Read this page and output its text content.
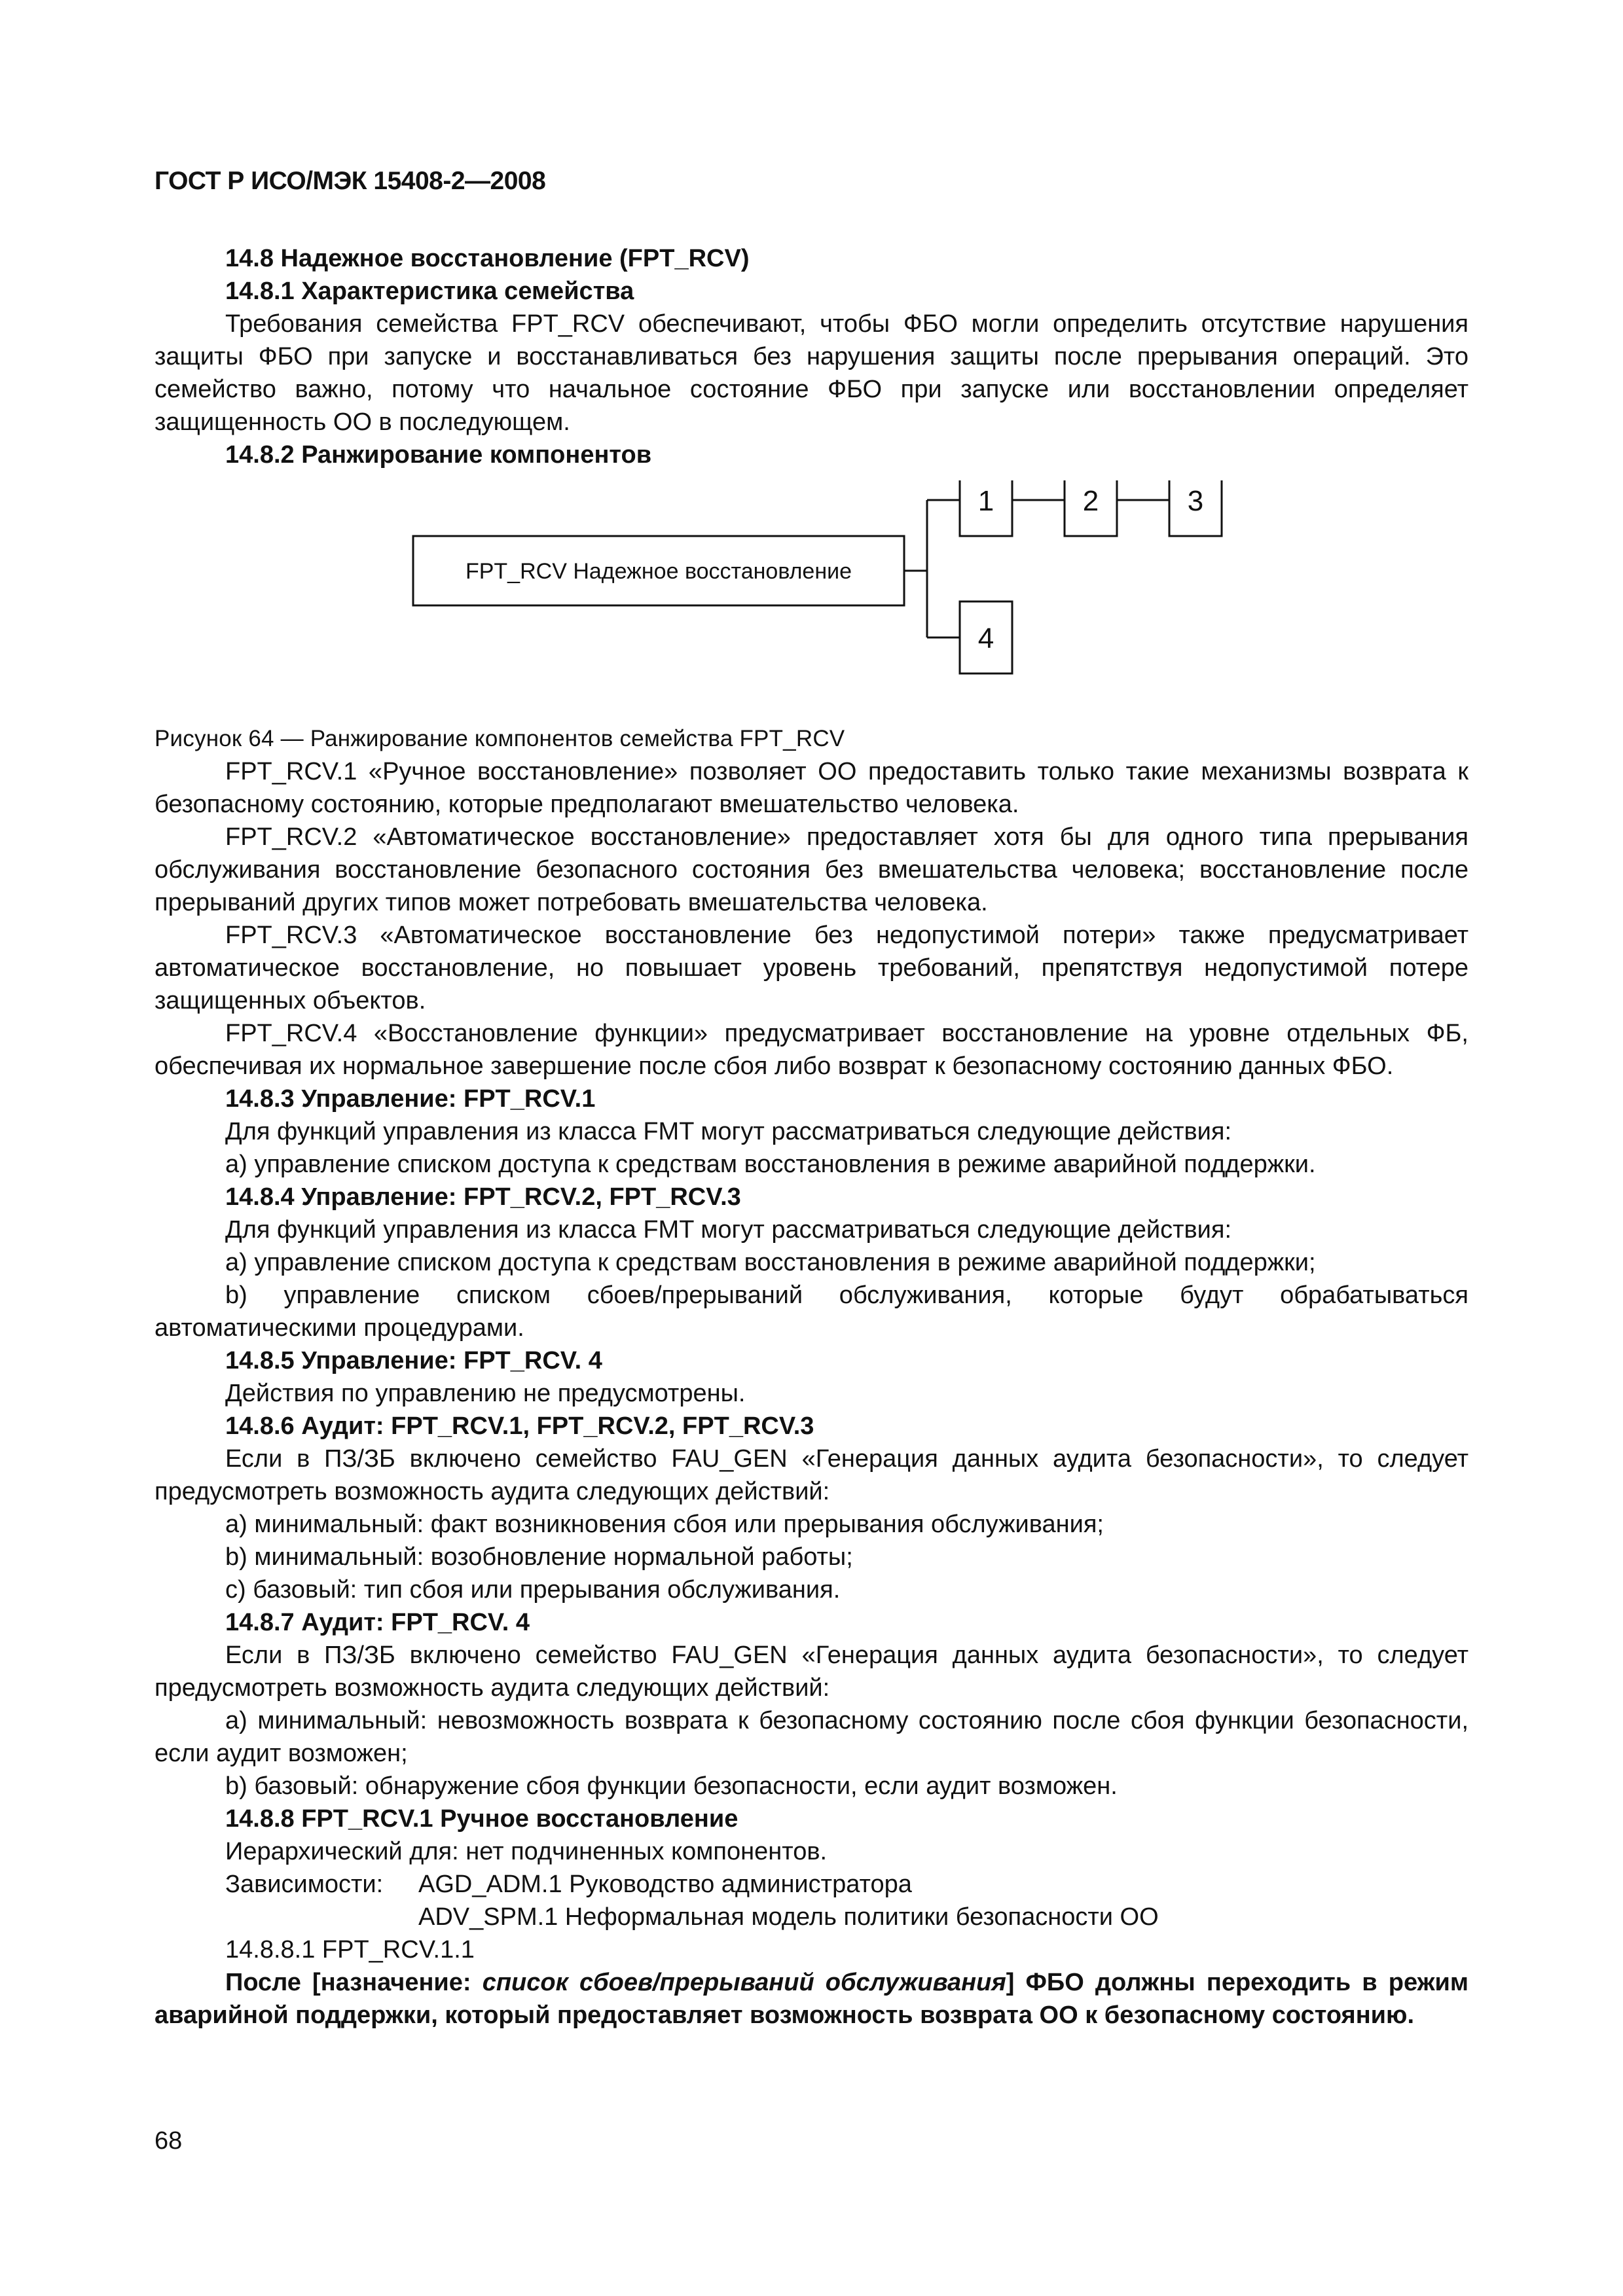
ГОСТ Р ИСО/МЭК 15408-2—2008

14.8 Надежное восстановление (FPT_RCV)

14.8.1 Характеристика семейства

Требования семейства FPT_RCV обеспечивают, чтобы ФБО могли определить отсутствие нарушения защиты ФБО при запуске и восстанавливаться без нарушения защиты после прерывания операций. Это семейство важно, потому что начальное состояние ФБО при запуске или восстановлении определяет защищенность ОО в последующем.

14.8.2 Ранжирование компонентов

FPT_RCV Надежное восстановление
1	2	3
4

Рисунок 64 — Ранжирование компонентов семейства FPT_RCV

FPT_RCV.1 «Ручное восстановление» позволяет ОО предоставить только такие механизмы возврата к безопасному состоянию, которые предполагают вмешательство человека.

FPT_RCV.2 «Автоматическое восстановление» предоставляет хотя бы для одного типа прерывания обслуживания восстановление безопасного состояния без вмешательства человека; восстановление после прерываний других типов может потребовать вмешательства человека.

FPT_RCV.3 «Автоматическое восстановление без недопустимой потери» также предусматривает автоматическое восстановление, но повышает уровень требований, препятствуя недопустимой потере защищенных объектов.

FPT_RCV.4 «Восстановление функции» предусматривает восстановление на уровне отдельных ФБ, обеспечивая их нормальное завершение после сбоя либо возврат к безопасному состоянию данных ФБО.

14.8.3 Управление: FPT_RCV.1

Для функций управления из класса FMT могут рассматриваться следующие действия:

а) управление списком доступа к средствам восстановления в режиме аварийной поддержки.

14.8.4 Управление: FPT_RCV.2, FPT_RCV.3

Для функций управления из класса FMT могут рассматриваться следующие действия:

а) управление списком доступа к средствам восстановления в режиме аварийной поддержки;

b) управление списком сбоев/прерываний обслуживания, которые будут обрабатываться автоматическими процедурами.

14.8.5 Управление: FPT_RCV. 4

Действия по управлению не предусмотрены.

14.8.6 Аудит: FPT_RCV.1, FPT_RCV.2, FPT_RCV.3

Если в ПЗ/ЗБ включено семейство FAU_GEN «Генерация данных аудита безопасности», то следует предусмотреть возможность аудита следующих действий:

а) минимальный: факт возникновения сбоя или прерывания обслуживания;

b) минимальный: возобновление нормальной работы;

с) базовый: тип сбоя или прерывания обслуживания.

14.8.7 Аудит: FPT_RCV. 4

Если в ПЗ/ЗБ включено семейство FAU_GEN «Генерация данных аудита безопасности», то следует предусмотреть возможность аудита следующих действий:

а) минимальный: невозможность возврата к безопасному состоянию после сбоя функции безопасности, если аудит возможен;

b) базовый: обнаружение сбоя функции безопасности, если аудит возможен.

14.8.8 FPT_RCV.1 Ручное восстановление

Иерархический для: нет подчиненных компонентов.

Зависимости:	AGD_ADM.1 Руководство администратора
ADV_SPM.1 Неформальная модель политики безопасности ОО

14.8.8.1 FPT_RCV.1.1

После [назначение: список сбоев/прерываний обслуживания] ФБО должны переходить в режим аварийной поддержки, который предоставляет возможность возврата ОО к безопасному состоянию.

68
